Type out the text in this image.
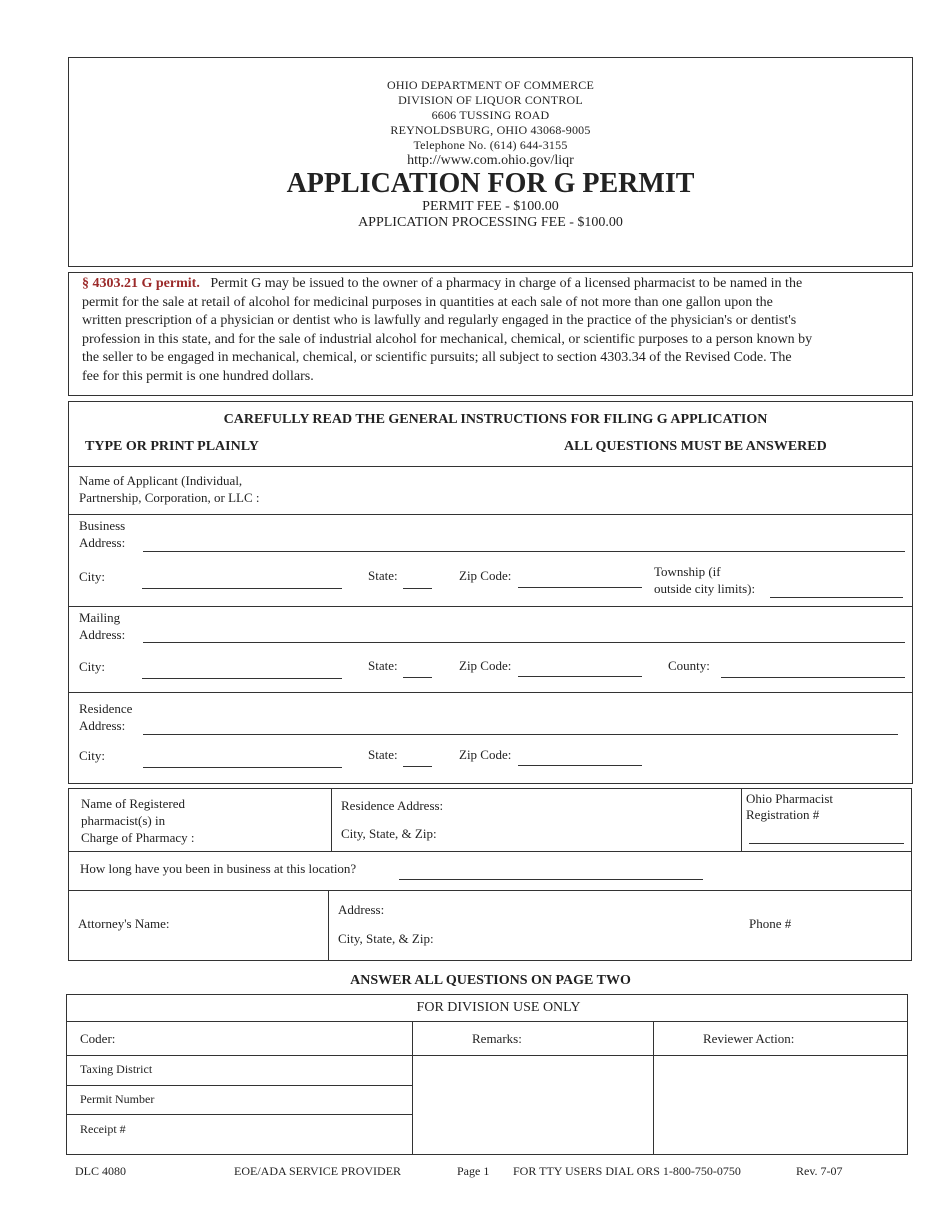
OHIO DEPARTMENT OF COMMERCE
DIVISION OF LIQUOR CONTROL
6606 TUSSING ROAD
REYNOLDSBURG, OHIO 43068-9005
Telephone No. (614) 644-3155
http://www.com.ohio.gov/liqr
APPLICATION FOR G PERMIT
PERMIT FEE - $100.00
APPLICATION PROCESSING FEE - $100.00
§ 4303.21 G permit. Permit G may be issued to the owner of a pharmacy in charge of a licensed pharmacist to be named in the
permit for the sale at retail of alcohol for medicinal purposes in quantities at each sale of not more than one gallon upon the
written prescription of a physician or dentist who is lawfully and regularly engaged in the practice of the physician's or dentist's
profession in this state, and for the sale of industrial alcohol for mechanical, chemical, or scientific purposes to a person known by
the seller to be engaged in mechanical, chemical, or scientific pursuits; all subject to section 4303.34 of the Revised Code. The
fee for this permit is one hundred dollars.
CAREFULLY READ THE GENERAL INSTRUCTIONS FOR FILING G APPLICATION
TYPE OR PRINT PLAINLY	ALL QUESTIONS MUST BE ANSWERED
Name of Applicant (Individual,
Partnership, Corporation, or LLC :
Business
Address:
City:	State:	Zip Code:	Township (if
outside city limits):
Mailing
Address:
City:	State:	Zip Code:	County:
Residence
Address:
City:	State:	Zip Code:
Name of Registered
pharmacist(s) in
Charge of Pharmacy :
Residence Address:
City, State, & Zip:
Ohio Pharmacist
Registration #
How long have you been in business at this location?
Attorney's Name:
Address:
City, State, & Zip:
Phone #
ANSWER ALL QUESTIONS ON PAGE TWO
FOR DIVISION USE ONLY
Coder:	Remarks:	Reviewer Action:
Taxing District
Permit Number
Receipt #
DLC 4080	EOE/ADA SERVICE PROVIDER	Page 1 FOR TTY USERS DIAL ORS 1-800-750-0750	Rev. 7-07
